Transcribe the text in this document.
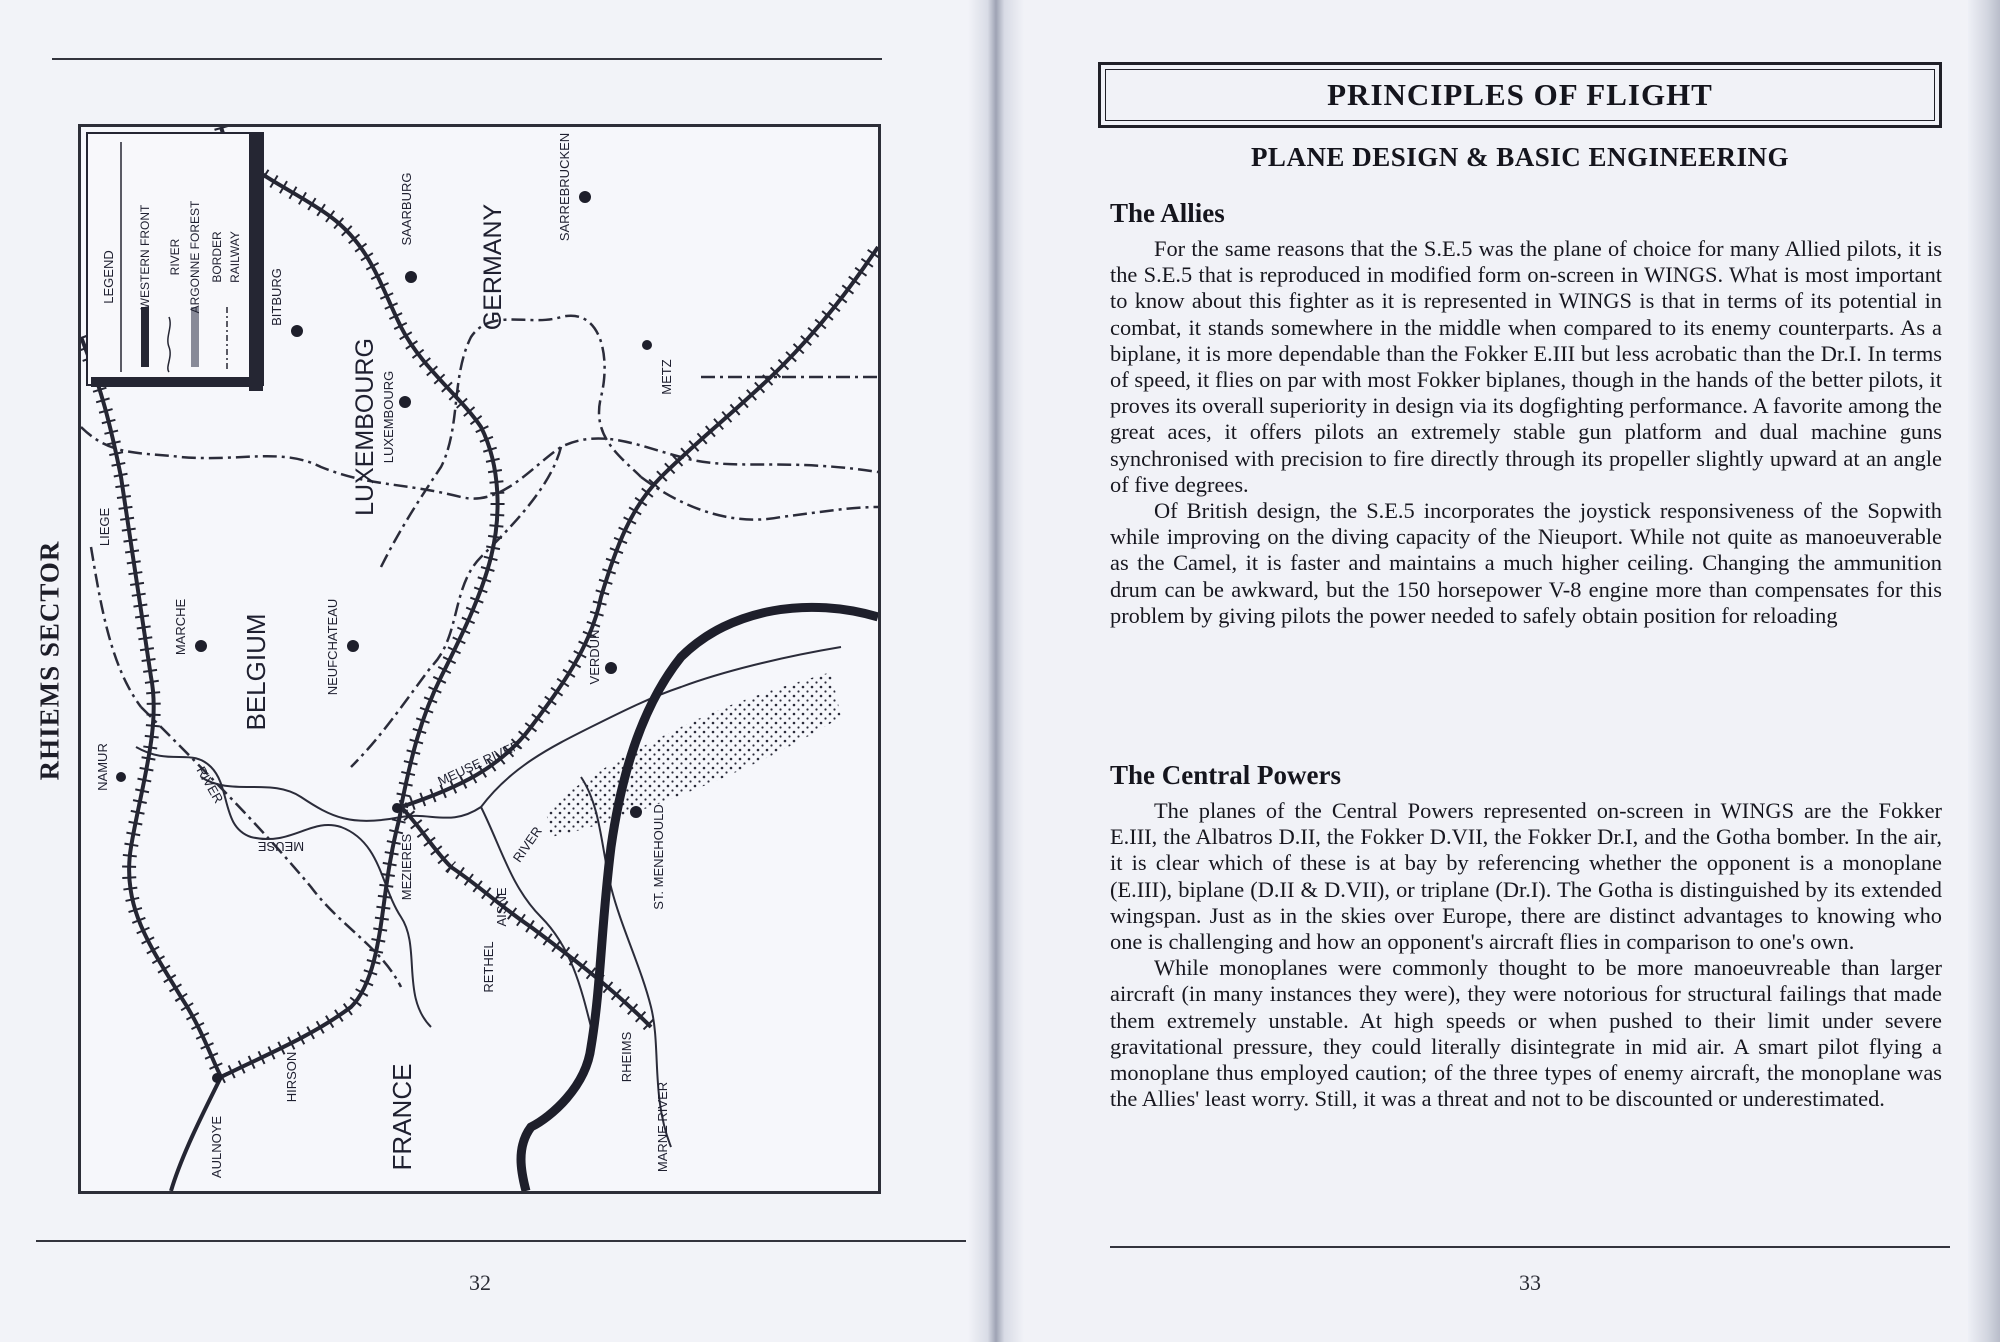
RHIEMS SECTOR
LEGEND WESTERN FRONT RIVER ARGONNE FOREST BORDER RAILWAY
BELGIUM
LUXEMBOURG
GERMANY
FRANCE
LIEGE
MARCHE	NEUFCHATEAU
LUXEMBOURG
BITBURG
SAARBURG	SARREBRUCKEN
METZ
NAMUR
VERDUN
ST. MENEHOULD
MEZIERES
HIRSON
AULNOYE
RETHEL
RHEIMS
RIVER
MEUSE
MEUSE RIVER
AISNE
RIVER
MARNE RIVER
32
PRINCIPLES OF FLIGHT
PLANE DESIGN & BASIC ENGINEERING
The Allies

For the same reasons that the S.E.5 was the plane of choice for many Allied pilots, it is the S.E.5 that is reproduced in modified form on-screen in WINGS. What is most important to know about this fighter as it is represented in WINGS is that in terms of its potential in combat, it stands somewhere in the middle when compared to its enemy counterparts. As a biplane, it is more dependable than the Fokker E.III but less acrobatic than the Dr.I. In terms of speed, it flies on par with most Fokker biplanes, though in the hands of the better pilots, it proves its overall superiority in design via its dogfighting performance. A favorite among the great aces, it offers pilots an extremely stable gun platform and dual machine guns synchronised with precision to fire directly through its propeller slightly upward at an angle of five degrees.

Of British design, the S.E.5 incorporates the joystick responsiveness of the Sopwith while improving on the diving capacity of the Nieuport. While not quite as manoeuverable as the Camel, it is faster and maintains a much higher ceiling. Changing the ammunition drum can be awkward, but the 150 horsepower V-8 engine more than compensates for this problem by giving pilots the power needed to safely obtain position for reloading

The Central Powers

The planes of the Central Powers represented on-screen in WINGS are the Fokker E.III, the Albatros D.II, the Fokker D.VII, the Fokker Dr.I, and the Gotha bomber. In the air, it is clear which of these is at bay by referencing whether the opponent is a monoplane (E.III), biplane (D.II & D.VII), or triplane (Dr.I). The Gotha is distinguished by its extended wingspan. Just as in the skies over Europe, there are distinct advantages to knowing who one is challenging and how an opponent's aircraft flies in comparison to one's own.

While monoplanes were commonly thought to be more manoeuvreable than larger aircraft (in many instances they were), they were notorious for structural failings that made them extremely unstable. At high speeds or when pushed to their limit under severe gravitational pressure, they could literally disintegrate in mid air. A smart pilot flying a monoplane thus employed caution; of the three types of enemy aircraft, the monoplane was the Allies' least worry. Still, it was a threat and not to be discounted or underestimated.

33
